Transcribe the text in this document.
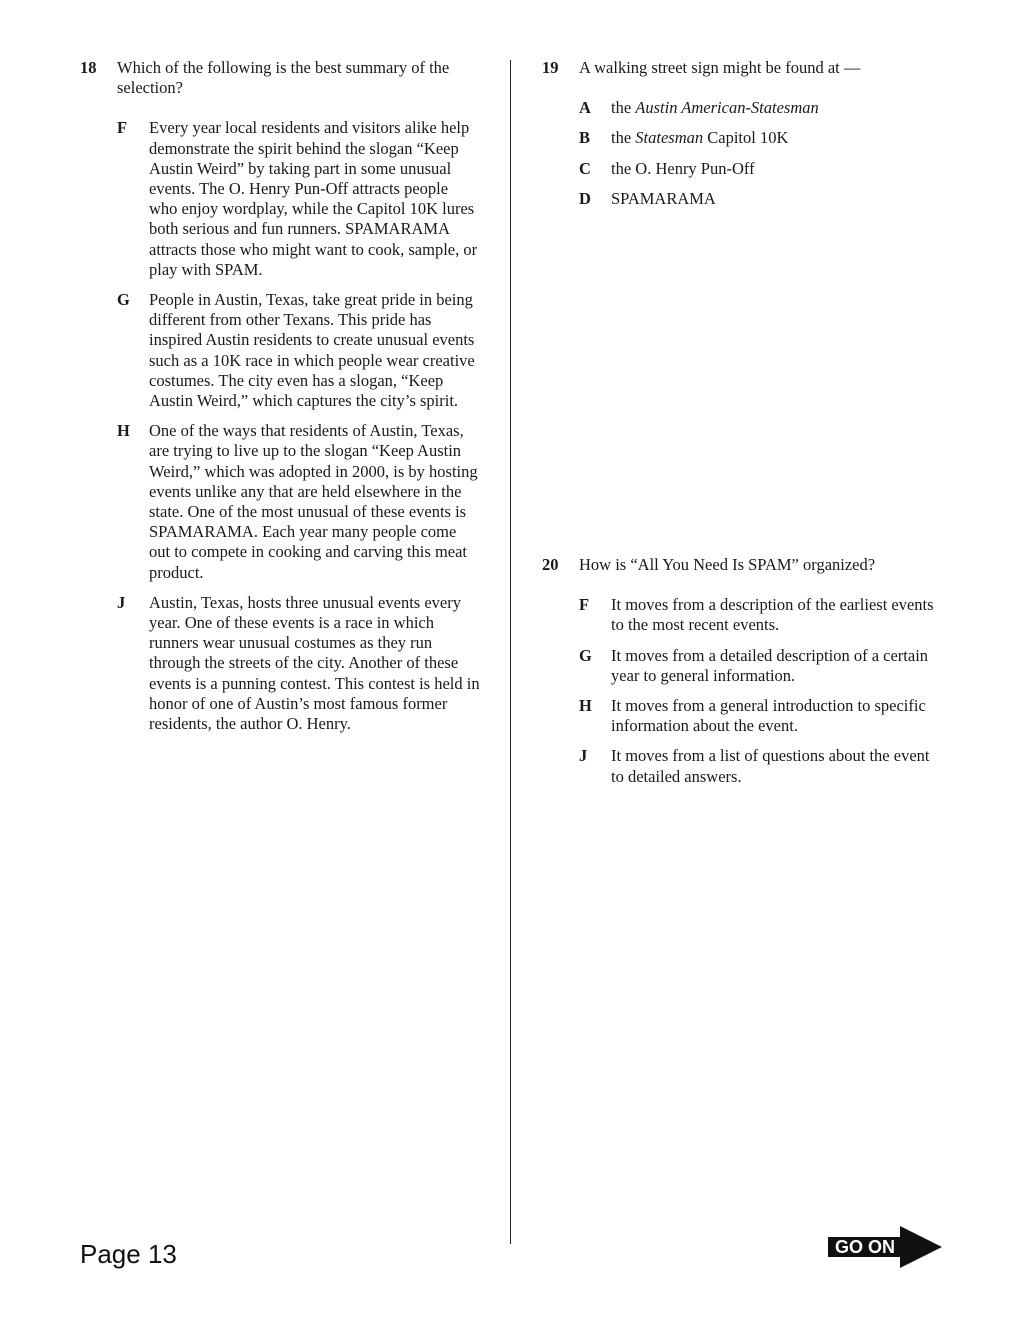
18	Which of the following is the best summary of the selection?
F	Every year local residents and visitors alike help demonstrate the spirit behind the slogan “Keep Austin Weird” by taking part in some unusual events. The O. Henry Pun-Off attracts people who enjoy wordplay, while the Capitol 10K lures both serious and fun runners. SPAMARAMA attracts those who might want to cook, sample, or play with SPAM.
G	People in Austin, Texas, take great pride in being different from other Texans. This pride has inspired Austin residents to create unusual events such as a 10K race in which people wear creative costumes. The city even has a slogan, “Keep Austin Weird,” which captures the city’s spirit.
H	One of the ways that residents of Austin, Texas, are trying to live up to the slogan “Keep Austin Weird,” which was adopted in 2000, is by hosting events unlike any that are held elsewhere in the state. One of the most unusual of these events is SPAMARAMA. Each year many people come out to compete in cooking and carving this meat product.
J	Austin, Texas, hosts three unusual events every year. One of these events is a race in which runners wear unusual costumes as they run through the streets of the city. Another of these events is a punning contest. This contest is held in honor of one of Austin’s most famous former residents, the author O. Henry.
19	A walking street sign might be found at —
A	the Austin American-Statesman
B	the Statesman Capitol 10K
C	the O. Henry Pun-Off
D	SPAMARAMA
20	How is “All You Need Is SPAM” organized?
F	It moves from a description of the earliest events to the most recent events.
G	It moves from a detailed description of a certain year to general information.
H	It moves from a general introduction to specific information about the event.
J	It moves from a list of questions about the event to detailed answers.
Page 13	GO ON
